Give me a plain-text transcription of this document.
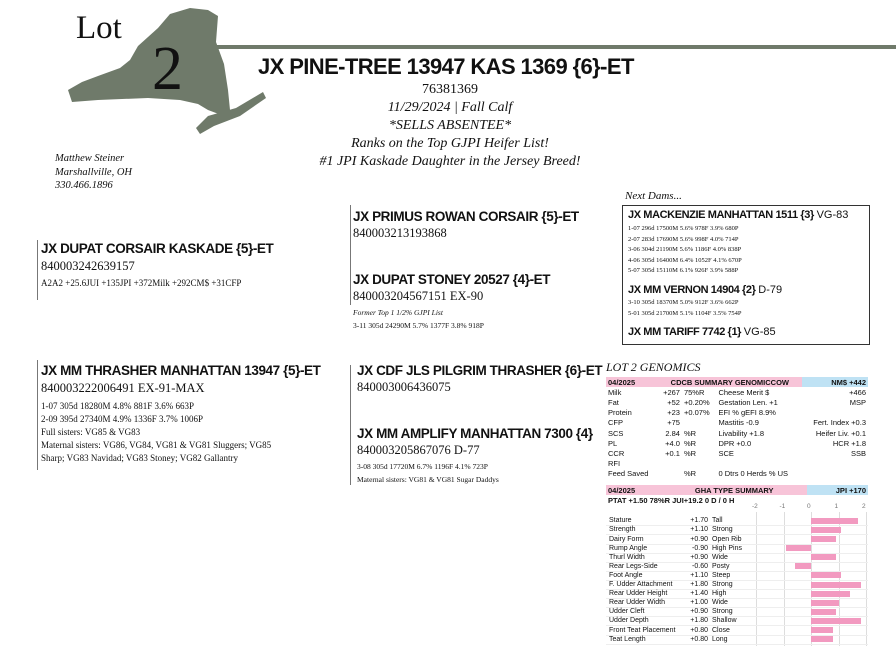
Lot
2	JX PINE-TREE 13947 KAS 1369 {6}-ET
76381369
11/29/2024 | Fall Calf
*SELLS ABSENTEE*
Ranks on the Top GJPI Heifer List!
#1 JPI Kaskade Daughter in the Jersey Breed!
Matthew Steiner
Marshallville, OH
330.466.1896
JX DUPAT CORSAIR KASKADE {5}-ET
840003242639157
A2A2 +25.6JUI +135JPI +372Milk +292CM$ +31CFP
JX PRIMUS ROWAN CORSAIR {5}-ET
840003213193868
JX DUPAT STONEY 20527 {4}-ET
840003204567151 EX-90
Former Top 1 1/2% GJPI List
3-11 305d 24290M 5.7% 1377F 3.8% 918P
JX MM THRASHER MANHATTAN 13947 {5}-ET
840003222006491 EX-91-MAX
1-07 305d 18280M 4.8% 881F 3.6% 663P
2-09 395d 27340M 4.9% 1336F 3.7% 1006P
Full sisters: VG85 & VG83
Maternal sisters: VG86, VG84, VG81 & VG81 Sluggers; VG85
Sharp; VG83 Navidad; VG83 Stoney; VG82 Gallantry
JX CDF JLS PILGRIM THRASHER {6}-ET
840003006436075
JX MM AMPLIFY MANHATTAN 7300 {4}
840003205867076 D-77
3-08 305d 17720M 6.7% 1196F 4.1% 723P
Maternal sisters: VG81 & VG81 Sugar Daddys
Next Dams...
JX MACKENZIE MANHATTAN 1511 {3} VG-83
1-07 296d 17500M 5.6% 978F 3.9% 680P
2-07 283d 17690M 5.6% 998F 4.0% 714P
3-06 304d 21190M 5.6% 1186F 4.0% 838P
4-06 305d 16400M 6.4% 1052F 4.1% 670P
5-07 305d 15110M 6.1% 926F 3.9% 588P
JX MM VERNON 14904 {2} D-79
3-10 305d 18370M 5.0% 912F 3.6% 662P
5-01 305d 21700M 5.1% 1104F 3.5% 754P
JX MM TARIFF 7742 {1} VG-85
LOT 2 GENOMICS
04/2025	CDCB SUMMARY GENOMICCOW			NM$ +442
Milk	+267	75%R	Cheese Merit $	+466
Fat	+52	+0.20%	Gestation Len. +1	MSP
Protein	+23	+0.07%	EFI % gEFI 8.9%	
CFP	+75		Mastitis -0.9	Fert. Index +0.3
SCS	2.84	%R	Livability +1.8	Heifer Liv. +0.1
PL	+4.0	%R	DPR +0.0	HCR +1.8
CCR	+0.1	%R	SCE	SSB
RFI				
Feed Saved		%R	0 Dtrs 0 Herds % US	
04/2025	GHA TYPE SUMMARY	JPI +170
PTAT +1.50 78%R JUI+19.2 0 D / 0 H
-2	-1	0	1	2
Stature	+1.70 Tall
Strength	+1.10 Strong
Dairy Form	+0.90 Open Rib
Rump Angle	-0.90 High Pins
Thurl Width	+0.90 Wide
Rear Legs-Side	-0.60 Posty
Foot Angle	+1.10 Steep
F. Udder Attachment	+1.80 Strong
Rear Udder Height	+1.40 High
Rear Udder Width	+1.00 Wide
Udder Cleft	+0.90 Strong
Udder Depth	+1.80 Shallow
Front Teat Placement	+0.80 Close
Teat Length	+0.80 Long
